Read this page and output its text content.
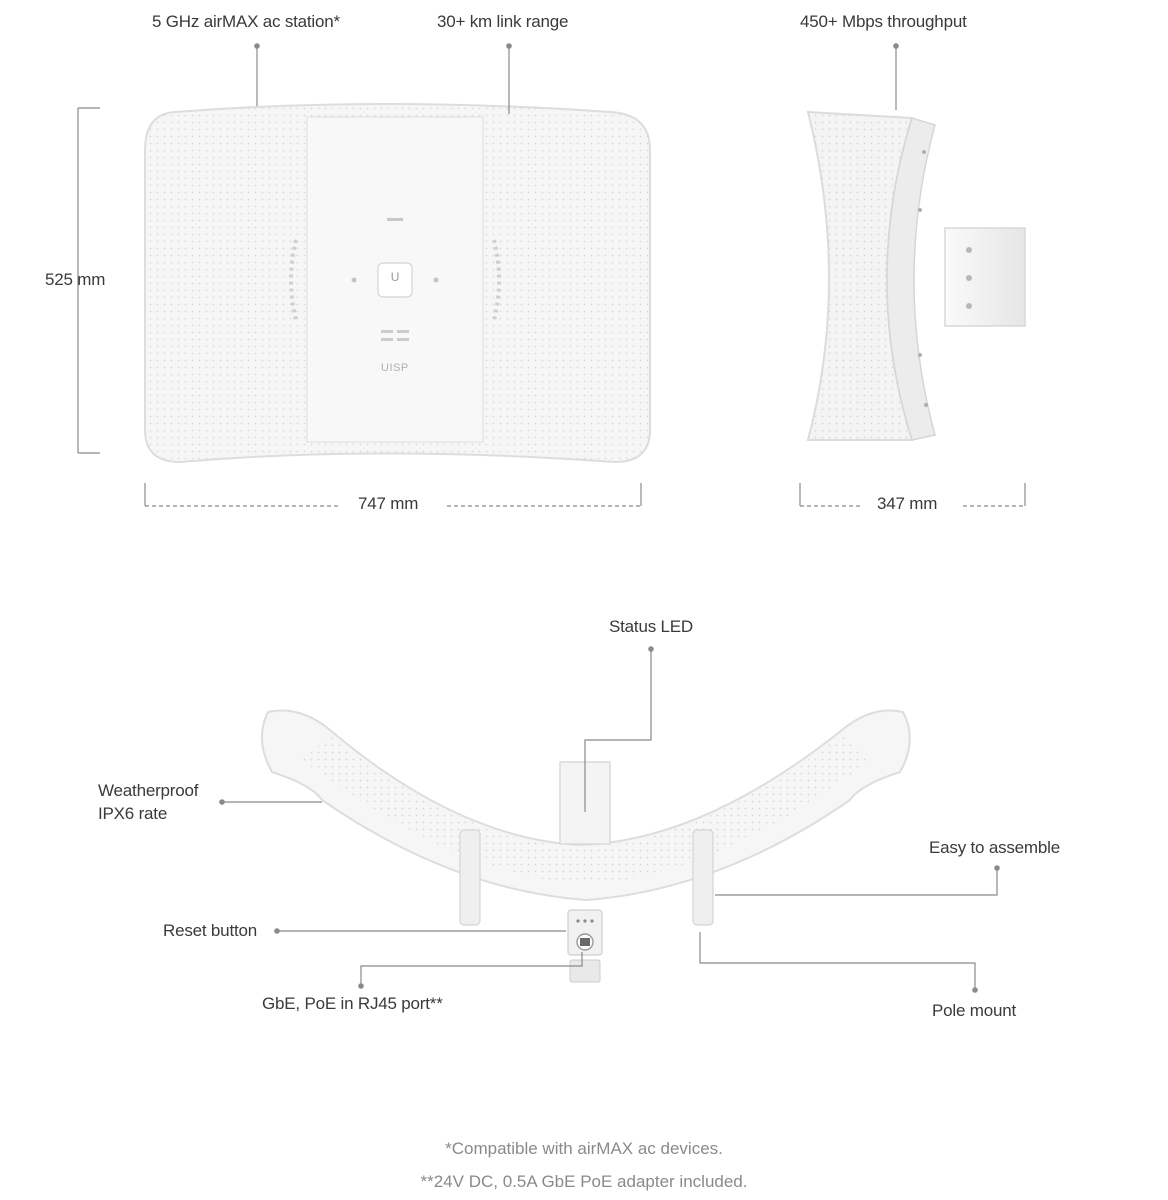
5 GHz airMAX ac station*	30+ km link range	450+ Mbps throughput
525 mm
747 mm	347 mm
U
UISP
Status LED
Weatherproof
IPX6 rate
Easy to assemble
Reset button
GbE, PoE in RJ45 port**	Pole mount
*Compatible with airMAX ac devices.
**24V DC, 0.5A GbE PoE adapter included.
